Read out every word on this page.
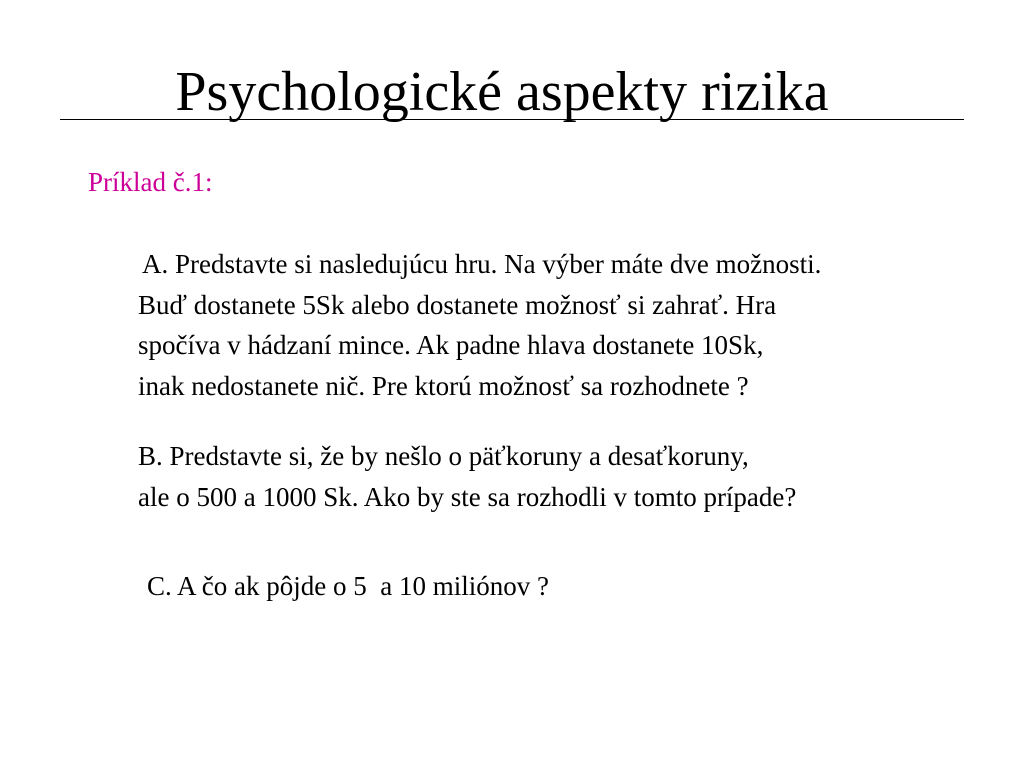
Psychologické aspekty rizika
Príklad č.1:
A. Predstavte si nasledujúcu hru. Na výber máte dve možnosti.
Buď dostanete 5Sk alebo dostanete možnosť si zahrať. Hra
spočíva v hádzaní mince. Ak padne hlava dostanete 10Sk,
inak nedostanete nič. Pre ktorú možnosť sa rozhodnete ?
B. Predstavte si, že by nešlo o päťkoruny a desaťkoruny,
ale o 500 a 1000 Sk. Ako by ste sa rozhodli v tomto prípade?
C. A čo ak pôjde o 5  a 10 miliónov ?
